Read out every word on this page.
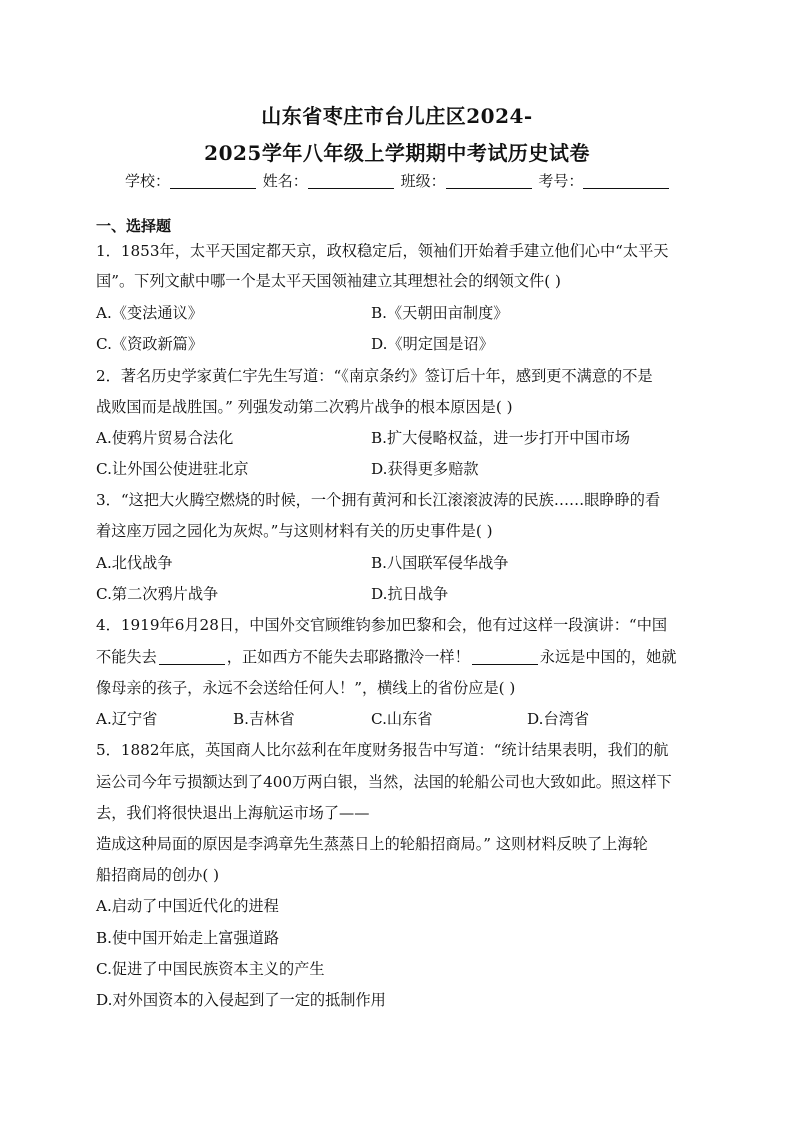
山东省枣庄市台儿庄区2024-
2025学年八年级上学期期中考试历史试卷
学校：	姓名：	班级：	考号：
一、选择题
1．1853年，太平天国定都天京，政权稳定后，领袖们开始着手建立他们心中“太平天
国”。下列文献中哪一个是太平天国领袖建立其理想社会的纲领文件( )
A.《变法通议》	B.《天朝田亩制度》
C.《资政新篇》	D.《明定国是诏》
2．著名历史学家黄仁宇先生写道：“《南京条约》签订后十年，感到更不满意的不是
战败国而是战胜国。” 列强发动第二次鸦片战争的根本原因是( )
A.使鸦片贸易合法化	B.扩大侵略权益，进一步打开中国市场
C.让外国公使进驻北京	D.获得更多赔款
3．“这把大火腾空燃烧的时候，一个拥有黄河和长江滚滚波涛的民族……眼睁睁的看
着这座万园之园化为灰烬。”与这则材料有关的历史事件是( )
A.北伐战争	B.八国联军侵华战争
C.第二次鸦片战争	D.抗日战争
4．1919年6月28日，中国外交官顾维钧参加巴黎和会，他有过这样一段演讲：“中国
不能失去	，正如西方不能失去耶路撒泠一样！	永远是中国的，她就
像母亲的孩子，永远不会送给任何人！”，横线上的省份应是( )
A.辽宁省	B.吉林省	C.山东省	D.台湾省
5．1882年底，英国商人比尔兹利在年度财务报告中写道：“统计结果表明，我们的航
运公司今年亏损额达到了400万两白银，当然，法国的轮船公司也大致如此。照这样下
去，我们将很快退出上海航运市场了——
造成这种局面的原因是李鸿章先生蒸蒸日上的轮船招商局。” 这则材料反映了上海轮
船招商局的创办( )
A.启动了中国近代化的进程
B.使中国开始走上富强道路
C.促进了中国民族资本主义的产生
D.对外国资本的入侵起到了一定的抵制作用
